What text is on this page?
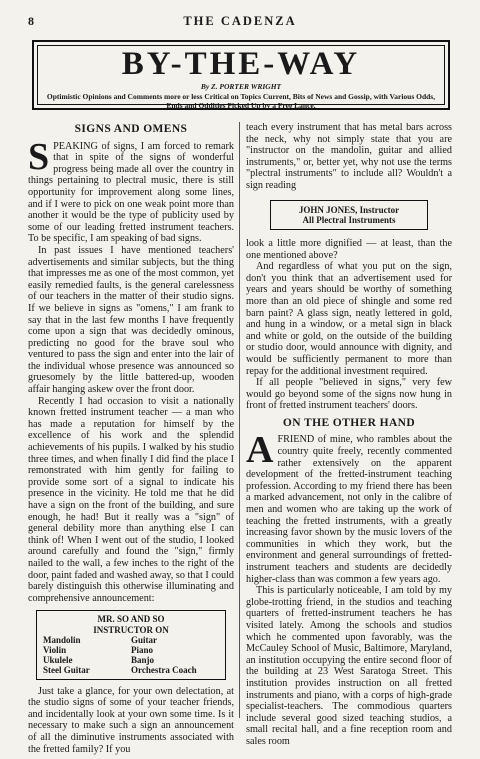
8	THE CADENZA
BY-THE-WAY
By Z. PORTER WRIGHT
Optimistic Opinions and Comments more or less Critical on Topics Current, Bits of News and Gossip, with Various Odds, Ends and Oddities Picked Up by a Free Lance.
SIGNS AND OMENS
SPEAKING of signs, I am forced to remark that in spite of the signs of wonderful progress being made all over the country in things pertaining to plectral music, there is still opportunity for improvement along some lines, and if I were to pick on one weak point more than another it would be the type of publicity used by some of our leading fretted instrument teachers. To be specific, I am speaking of bad signs.
In past issues I have mentioned teachers' advertisements and similar subjects, but the thing that impresses me as one of the most common, yet easily remedied faults, is the general carelessness of our teachers in the matter of their studio signs. If we believe in signs as "omens," I am frank to say that in the last few months I have frequently come upon a sign that was decidedly ominous, predicting no good for the brave soul who ventured to pass the sign and enter into the lair of the individual whose presence was announced so gruesomely by the little battered-up, wooden affair hanging askew over the front door.
Recently I had occasion to visit a nationally known fretted instrument teacher — a man who has made a reputation for himself by the excellence of his work and the splendid achievements of his pupils. I walked by his studio three times, and when finally I did find the place I remonstrated with him gently for failing to provide some sort of a signal to indicate his presence in the vicinity. He told me that he did have a sign on the front of the building, and sure enough, he had! But it really was a "sign" of general debility more than anything else I can think of! When I went out of the studio, I looked around carefully and found the "sign," firmly nailed to the wall, a few inches to the right of the door, paint faded and washed away, so that I could barely distinguish this otherwise illuminating and comprehensive announcement:
MR. SO AND SO
INSTRUCTOR ON
Mandolin	Guitar
Violin	Piano
Ukulele	Banjo
Steel Guitar	Orchestra Coach
Just take a glance, for your own delectation, at the studio signs of some of your teacher friends, and incidentally look at your own some time. Is it necessary to make such a sign an announcement of all the diminutive instruments associated with the fretted family? If you
teach every instrument that has metal bars across the neck, why not simply state that you are "instructor on the mandolin, guitar and allied instruments," or, better yet, why not use the terms "plectral instruments" to include all? Wouldn't a sign reading
JOHN JONES, Instructor
All Plectral Instruments
look a little more dignified — at least, than the one mentioned above?
And regardless of what you put on the sign, don't you think that an advertisement used for years and years should be worthy of something more than an old piece of shingle and some red barn paint? A glass sign, neatly lettered in gold, and hung in a window, or a metal sign in black and white or gold, on the outside of the building or studio door, would announce with dignity, and would be sufficiently permanent to more than repay for the additional investment required.
If all people "believed in signs," very few would go beyond some of the signs now hung in front of fretted instrument teachers' doors.
ON THE OTHER HAND
AFRIEND of mine, who rambles about the country quite freely, recently commented rather extensively on the apparent development of the fretted-instrument teaching profession. According to my friend there has been a marked advancement, not only in the calibre of men and women who are taking up the work of teaching the fretted instruments, with a greatly increasing favor shown by the music lovers of the communities in which they work, but the environment and general surroundings of fretted-instrument teachers and students are decidedly higher-class than was common a few years ago.
This is particularly noticeable, I am told by my globe-trotting friend, in the studios and teaching quarters of fretted-instrument teachers he has visited lately. Among the schools and studios which he commented upon favorably, was the McCauley School of Music, Baltimore, Maryland, an institution occupying the entire second floor of the building at 23 West Saratoga Street. This institution provides instruction on all fretted instruments and piano, with a corps of high-grade specialist-teachers. The commodious quarters include several good sized teaching studios, a small recital hall, and a fine reception room and sales room
